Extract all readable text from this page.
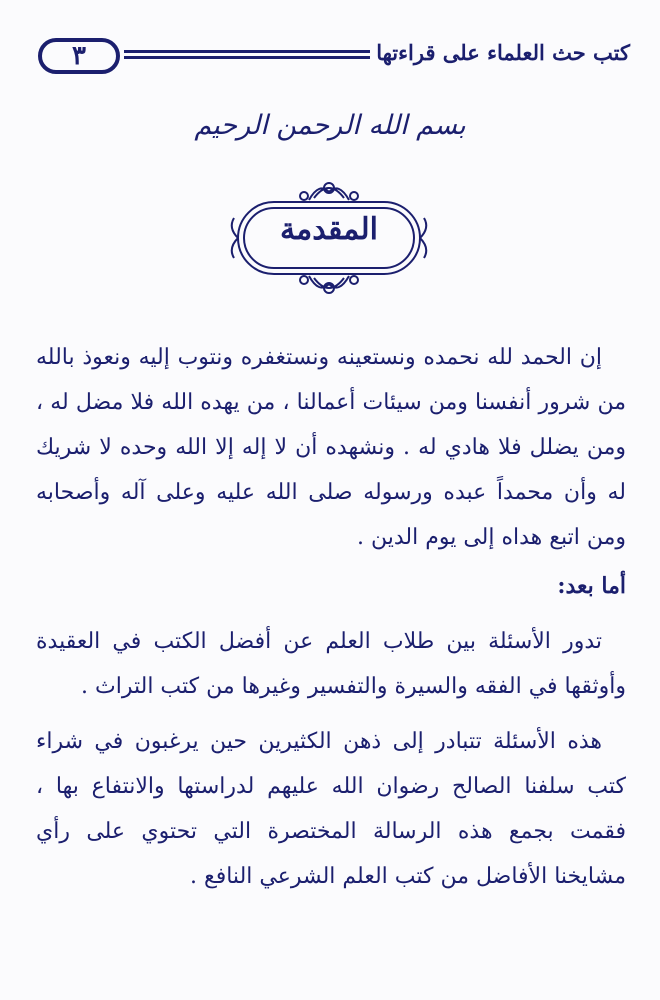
٣	كتب حث العلماء على قراءتها
بسم الله الرحمن الرحيم
المقدمة

إن الحمد لله نحمده ونستعينه ونستغفره ونتوب إليه ونعوذ بالله من شرور أنفسنا ومن سيئات أعمالنا ، من يهده الله فلا مضل له ، ومن يضلل فلا هادي له . ونشهده أن لا إله إلا الله وحده لا شريك له وأن محمداً عبده ورسوله صلى الله عليه وعلى آله وأصحابه ومن اتبع هداه إلى يوم الدين .

أما بعد:

تدور الأسئلة بين طلاب العلم عن أفضل الكتب في العقيدة وأوثقها في الفقه والسيرة والتفسير وغيرها من كتب التراث .

هذه الأسئلة تتبادر إلى ذهن الكثيرين حين يرغبون في شراء كتب سلفنا الصالح رضوان الله عليهم لدراستها والانتفاع بها ، فقمت بجمع هذه الرسالة المختصرة التي تحتوي على رأي مشايخنا الأفاضل من كتب العلم الشرعي النافع .
